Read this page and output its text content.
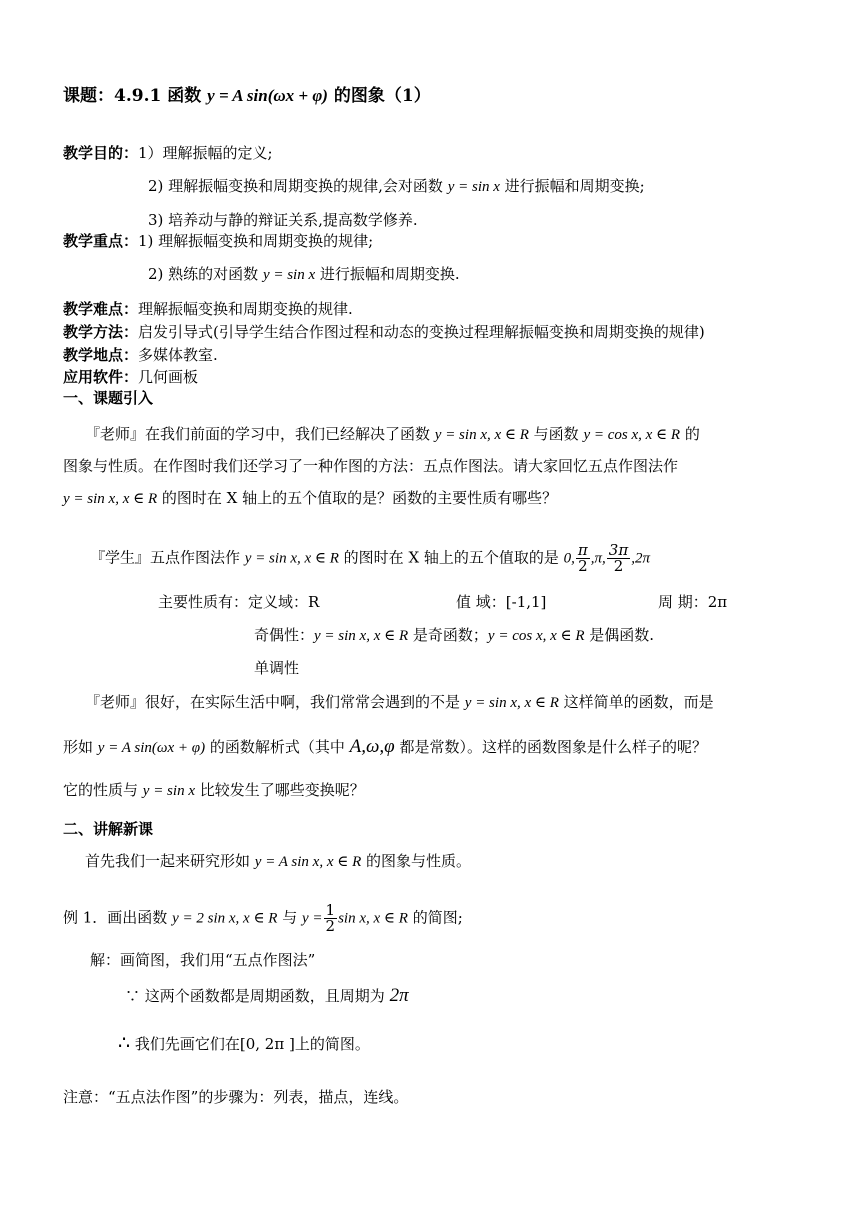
课题：4.9.1 函数 y = A sin(ωx + φ) 的图象（1）
教学目的：1）理解振幅的定义;
2) 理解振幅变换和周期变换的规律,会对函数 y = sin x 进行振幅和周期变换;
3) 培养动与静的辩证关系,提高数学修养.
教学重点：1) 理解振幅变换和周期变换的规律;
2) 熟练的对函数 y = sin x 进行振幅和周期变换.
教学难点：理解振幅变换和周期变换的规律.
教学方法：启发引导式(引导学生结合作图过程和动态的变换过程理解振幅变换和周期变换的规律)
教学地点：多媒体教室.
应用软件：几何画板
一、课题引入
『老师』在我们前面的学习中，我们已经解决了函数 y = sin x, x ∈ R 与函数 y = cos x, x ∈ R 的
图象与性质。在作图时我们还学习了一种作图的方法：五点作图法。请大家回忆五点作图法作
y = sin x, x ∈ R 的图时在 X 轴上的五个值取的是？函数的主要性质有哪些？
『学生』五点作图法作 y = sin x, x ∈ R 的图时在 X 轴上的五个值取的是 0, $\frac{\pi}{2} ,\pi$, $\frac{3\pi}{2} ,2\pi$
主要性质有：定义域：R	值 域：[-1,1]	周 期：2π
奇偶性：y = sin x, x ∈ R 是奇函数；y = cos x, x ∈ R 是偶函数.
单调性
『老师』很好，在实际生活中啊，我们常常会遇到的不是 y = sin x, x ∈ R 这样简单的函数，而是
形如 y = A sin(ωx + φ) 的函数解析式（其中 A,ω,φ 都是常数）。这样的函数图象是什么样子的呢？
它的性质与 y = sin x 比较发生了哪些变换呢？
二、讲解新课
首先我们一起来研究形如 y = A sin x, x ∈ R 的图象与性质。
例 1．画出函数 y = 2 sin x, x ∈ R 与 $y = \frac{1}{2}$ sin x, x ∈ R 的简图;
解：画简图，我们用“五点作图法”
∵ 这两个函数都是周期函数，且周期为 2π
∴ 我们先画它们在[0, 2π ]上的简图。
注意：“五点法作图”的步骤为：列表，描点，连线。
